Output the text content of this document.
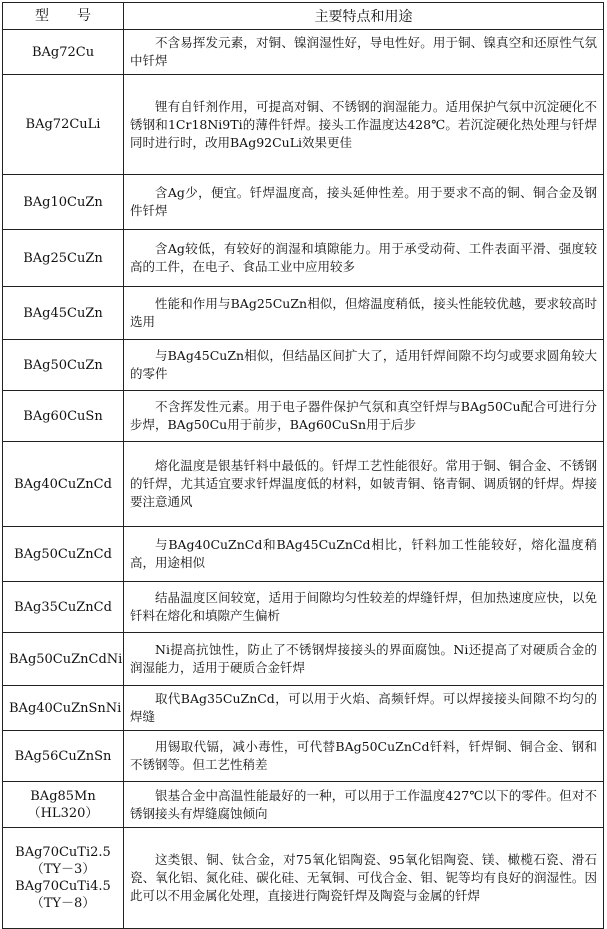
型　　号	主要特点和用途

BAg72Cu	不含易挥发元素，对铜、镍润湿性好，导电性好。用于铜、镍真空和还原性气氛中钎焊

BAg72CuLi	锂有自钎剂作用，可提高对铜、不锈钢的润湿能力。适用保护气氛中沉淀硬化不锈钢和1Cr18Ni9Ti的薄件钎焊。接头工作温度达428℃。若沉淀硬化热处理与钎焊同时进行时，改用BAg92CuLi效果更佳

BAg10CuZn	含Ag少，便宜。钎焊温度高，接头延伸性差。用于要求不高的铜、铜合金及钢件钎焊

BAg25CuZn	含Ag较低，有较好的润湿和填隙能力。用于承受动荷、工件表面平滑、强度较高的工件，在电子、食品工业中应用较多

BAg45CuZn	性能和作用与BAg25CuZn相似，但熔温度稍低，接头性能较优越，要求较高时选用

BAg50CuZn	与BAg45CuZn相似，但结晶区间扩大了，适用钎焊间隙不均匀或要求圆角较大的零件

BAg60CuSn	不含挥发性元素。用于电子器件保护气氛和真空钎焊与BAg50Cu配合可进行分步焊，BAg50Cu用于前步，BAg60CuSn用于后步

BAg40CuZnCd	熔化温度是银基钎料中最低的。钎焊工艺性能很好。常用于铜、铜合金、不锈钢的钎焊，尤其适宜要求钎焊温度低的材料，如铍青铜、铬青铜、调质钢的钎焊。焊接要注意通风

BAg50CuZnCd	与BAg40CuZnCd和BAg45CuZnCd相比，钎料加工性能较好，熔化温度稍高，用途相似

BAg35CuZnCd	结晶温度区间较宽，适用于间隙均匀性较差的焊缝钎焊，但加热速度应快，以免钎料在熔化和填隙产生偏析

BAg50CuZnCdNi	Ni提高抗蚀性，防止了不锈钢焊接接头的界面腐蚀。Ni还提高了对硬质合金的润湿能力，适用于硬质合金钎焊

BAg40CuZnSnNi	取代BAg35CuZnCd，可以用于火焰、高频钎焊。可以焊接接头间隙不均匀的焊缝

BAg56CuZnSn	用锡取代镉，减小毒性，可代替BAg50CuZnCd钎料，钎焊铜、铜合金、钢和不锈钢等。但工艺性稍差

BAg85Mn
（HL320）	银基合金中高温性能最好的一种，可以用于工作温度427℃以下的零件。但对不锈钢接头有焊缝腐蚀倾向

BAg70CuTi2.5
（TY－3）
BAg70CuTi4.5
（TY－8）	这类银、铜、钛合金，对75氧化铝陶瓷、95氧化铝陶瓷、镁、橄榄石瓷、滑石瓷、氧化铝、氮化硅、碳化硅、无氧铜、可伐合金、钼、铌等均有良好的润湿性。因此可以不用金属化处理，直接进行陶瓷钎焊及陶瓷与金属的钎焊
